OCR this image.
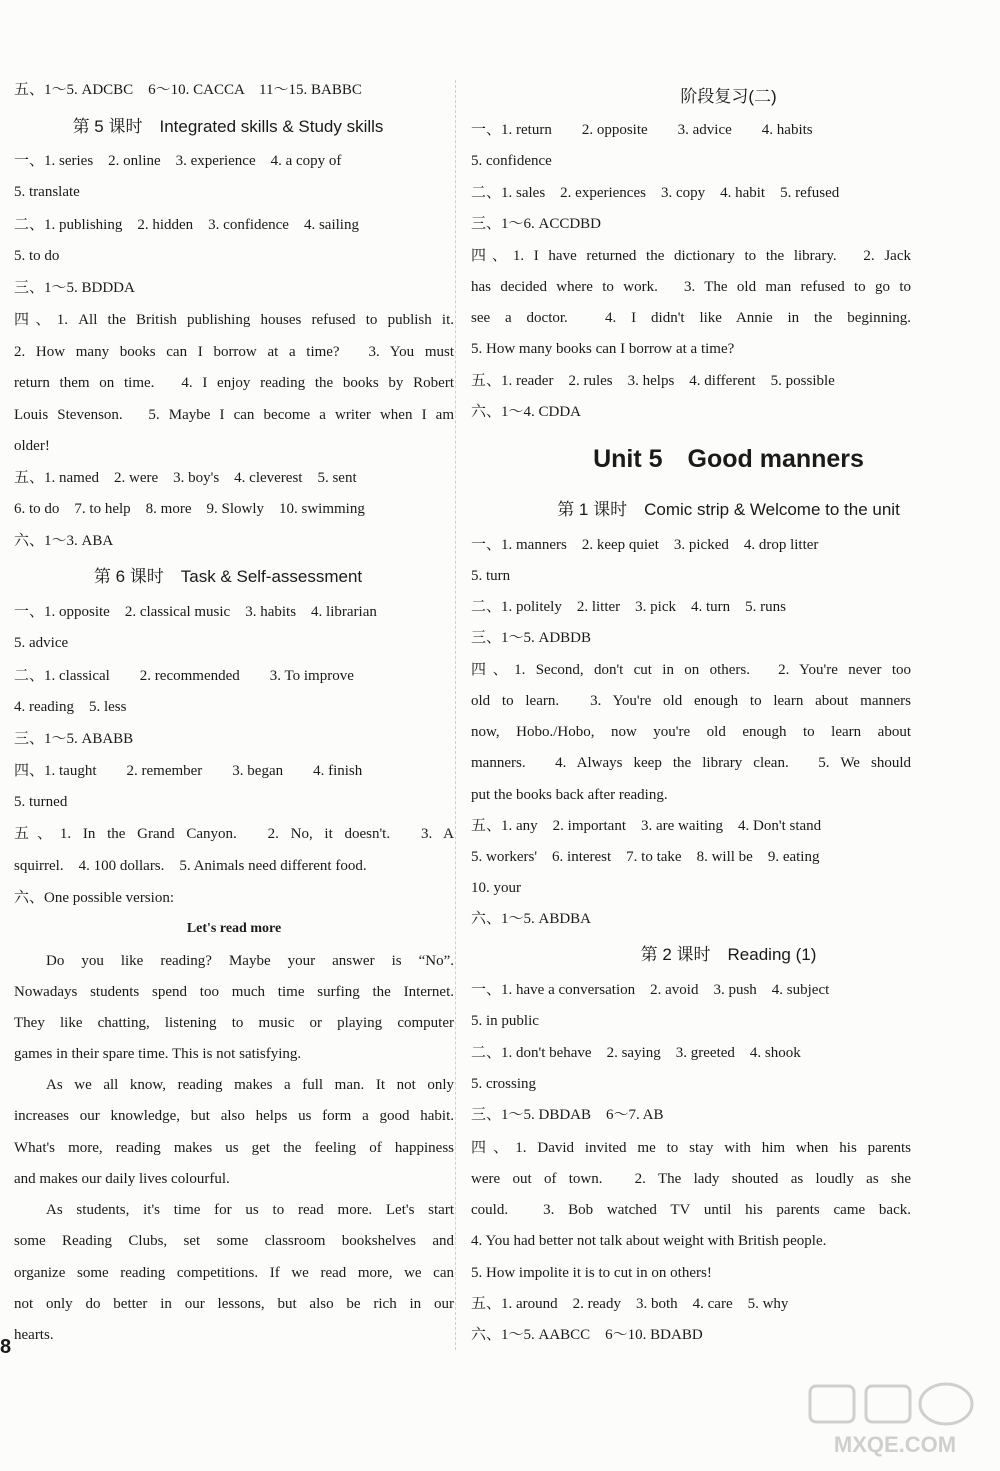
五、1～5. ADCBC　6～10. CACCA　11～15. BABBC
第 5 课时　Integrated skills & Study skills
一、1. series　2. online　3. experience　4. a copy of
5. translate
二、1. publishing　2. hidden　3. confidence　4. sailing
5. to do
三、1～5. BDDDA
四、1. All the British publishing houses refused to publish it.
2. How many books can I borrow at a time?　3. You must
return them on time.　4. I enjoy reading the books by Robert
Louis Stevenson.　5. Maybe I can become a writer when I am
older!
五、1. named　2. were　3. boy's　4. cleverest　5. sent
6. to do　7. to help　8. more　9. Slowly　10. swimming
六、1～3. ABA
第 6 课时　Task & Self-assessment
一、1. opposite　2. classical music　3. habits　4. librarian
5. advice
二、1. classical　　2. recommended　　3. To improve
4. reading　5. less
三、1～5. ABABB
四、1. taught　　2. remember　　3. began　　4. finish
5. turned
五、1. In the Grand Canyon.　2. No, it doesn't.　3. A
squirrel.　4. 100 dollars.　5. Animals need different food.
六、One possible version:
Let's read more
Do you like reading? Maybe your answer is “No”.
Nowadays students spend too much time surfing the Internet.
They like chatting, listening to music or playing computer
games in their spare time. This is not satisfying.
As we all know, reading makes a full man. It not only
increases our knowledge, but also helps us form a good habit.
What's more, reading makes us get the feeling of happiness
and makes our daily lives colourful.
As students, it's time for us to read more. Let's start
some Reading Clubs, set some classroom bookshelves and
organize some reading competitions. If we read more, we can
not only do better in our lessons, but also be rich in our
hearts.
阶段复习(二)
一、1. return　　2. opposite　　3. advice　　4. habits
5. confidence
二、1. sales　2. experiences　3. copy　4. habit　5. refused
三、1～6. ACCDBD
四、1. I have returned the dictionary to the library.　2. Jack
has decided where to work.　3. The old man refused to go to
see a doctor.　4. I didn't like Annie in the beginning.
5. How many books can I borrow at a time?
五、1. reader　2. rules　3. helps　4. different　5. possible
六、1～4. CDDA
Unit 5　Good manners
第 1 课时　Comic strip & Welcome to the unit
一、1. manners　2. keep quiet　3. picked　4. drop litter
5. turn
二、1. politely　2. litter　3. pick　4. turn　5. runs
三、1～5. ADBDB
四、1. Second, don't cut in on others.　2. You're never too
old to learn.　3. You're old enough to learn about manners
now, Hobo./Hobo, now you're old enough to learn about
manners.　4. Always keep the library clean.　5. We should
put the books back after reading.
五、1. any　2. important　3. are waiting　4. Don't stand
5. workers'　6. interest　7. to take　8. will be　9. eating
10. your
六、1～5. ABDBA
第 2 课时　Reading (1)
一、1. have a conversation　2. avoid　3. push　4. subject
5. in public
二、1. don't behave　2. saying　3. greeted　4. shook
5. crossing
三、1～5. DBDAB　6～7. AB
四、1. David invited me to stay with him when his parents
were out of town.　2. The lady shouted as loudly as she
could.　3. Bob watched TV until his parents came back.
4. You had better not talk about weight with British people.
5. How impolite it is to cut in on others!
五、1. around　2. ready　3. both　4. care　5. why
六、1～5. AABCC　6～10. BDABD
8
MXQE.COM
